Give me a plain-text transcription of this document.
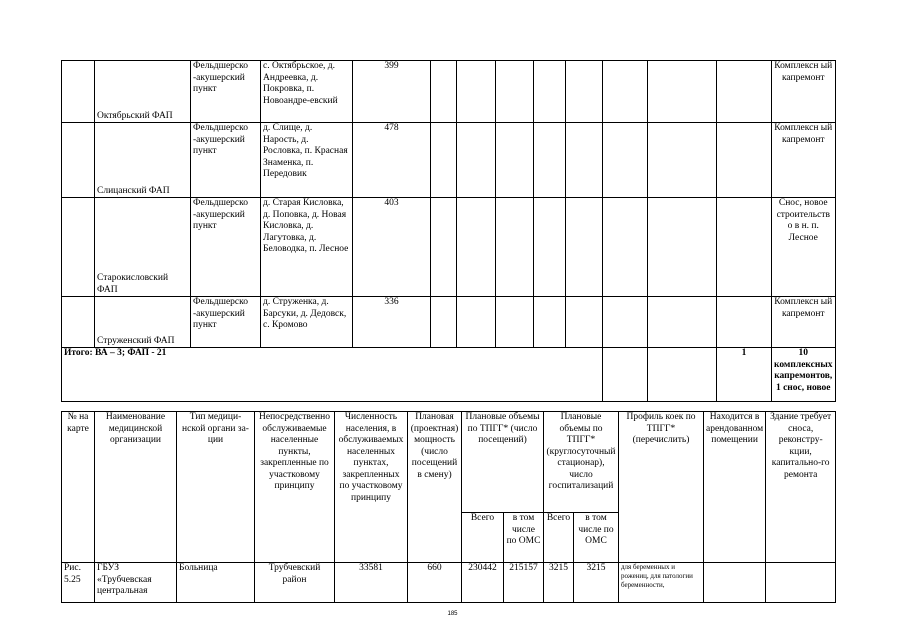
	Октябрьский ФАП	Фельдшерско -акушерский пункт	с. Октябрьское, д. Андреевка, д. Покровка, п. Новоандре-евский	399									Комплексн ый капремонт
	Слицанский ФАП	Фельдшерско -акушерский пункт	д. Слище, д. Нарость, д. Рословка, п. Красная Знаменка, п. Передовик	478									Комплексн ый капремонт
	Старокисловский ФАП	Фельдшерско -акушерский пункт	д. Старая Кисловка, д. Поповка, д. Новая Кисловка, д. Лагутовка, д. Беловодка, п. Лесное	403									Снос, новое строительств о в н. п. Лесное
	Струженский ФАП	Фельдшерско -акушерский пункт	д. Струженка, д. Барсуки, д. Дедовск, с. Кромово	336									Комплексн ый капремонт
Итого: ВА – 3; ФАП - 21												1	10 комплексных капремонтов, 1 снос, новое
№ на карте	Наименование медицинской организации	Тип медици-нской органи за-ции	Непосредственно обслуживаемые населенные пункты, закрепленные по участковому принципу	Численность населения, в обслуживаемых населенных пунктах, закрепленных по участковому принципу	Плановая (проектная) мощность (число посещений в смену)	Плановые объемы по ТПГГ* (число посещений)		Плановые объемы по ТПГГ* (круглосуточный стационар), число госпитализаций		Профиль коек по ТПГГ* (перечислить)	Находится в арендованном помещении	Здание требует сноса, реконстру-кции, капитально-го ремонта
						Всего	в том числе по ОМС	Всего	в том числе по ОМС			
Рис. 5.25	ГБУЗ «Трубчевская центральная	Больница	Трубчевский район	33581	660	230442	215157	3215	3215	для беременных и рожениц, для патологии беременности,		
185
